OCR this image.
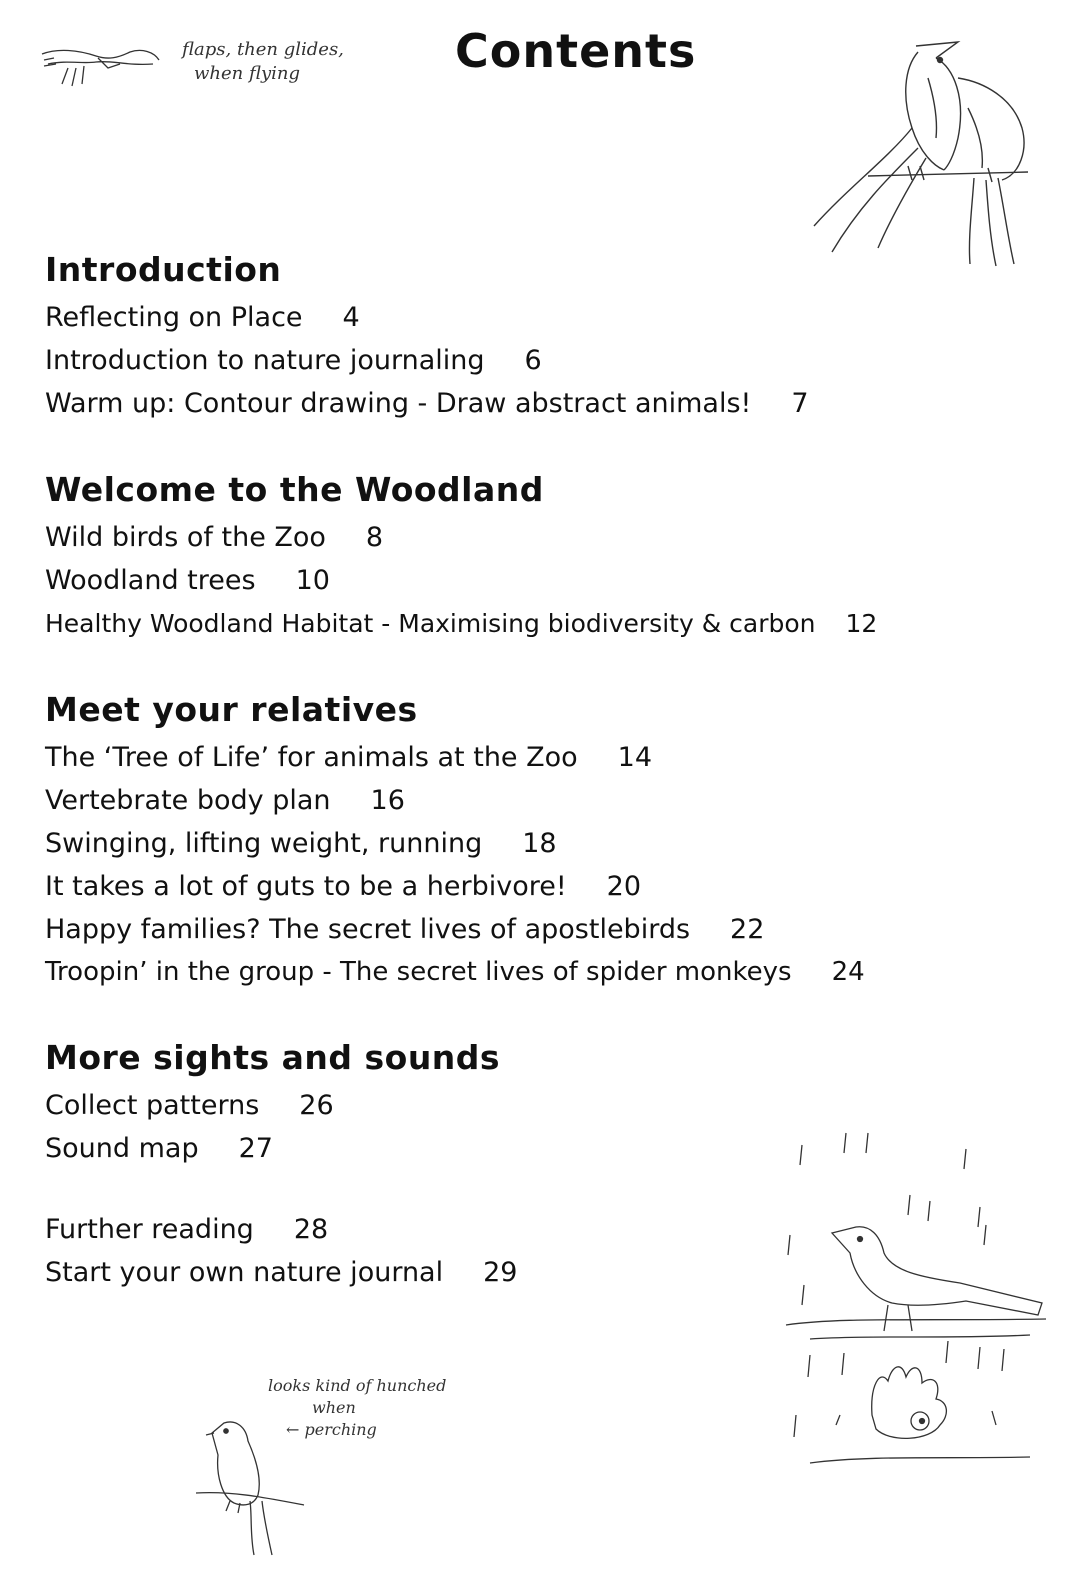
Contents
flaps, then glides,
when flying
Introduction
Reflecting on Place 4
Introduction to nature journaling 6
Warm up: Contour drawing - Draw abstract animals! 7
Welcome to the Woodland
Wild birds of the Zoo 8
Woodland trees 10
Healthy Woodland Habitat - Maximising biodiversity & carbon 12
Meet your relatives
The ‘Tree of Life’ for animals at the Zoo 14
Vertebrate body plan 16
Swinging, lifting weight, running 18
It takes a lot of guts to be a herbivore! 20
Happy families? The secret lives of apostlebirds 22
Troopin’ in the group - The secret lives of spider monkeys 24
More sights and sounds
Collect patterns 26
Sound map 27
Further reading 28
Start your own nature journal 29
looks kind of hunched
when
← perching
